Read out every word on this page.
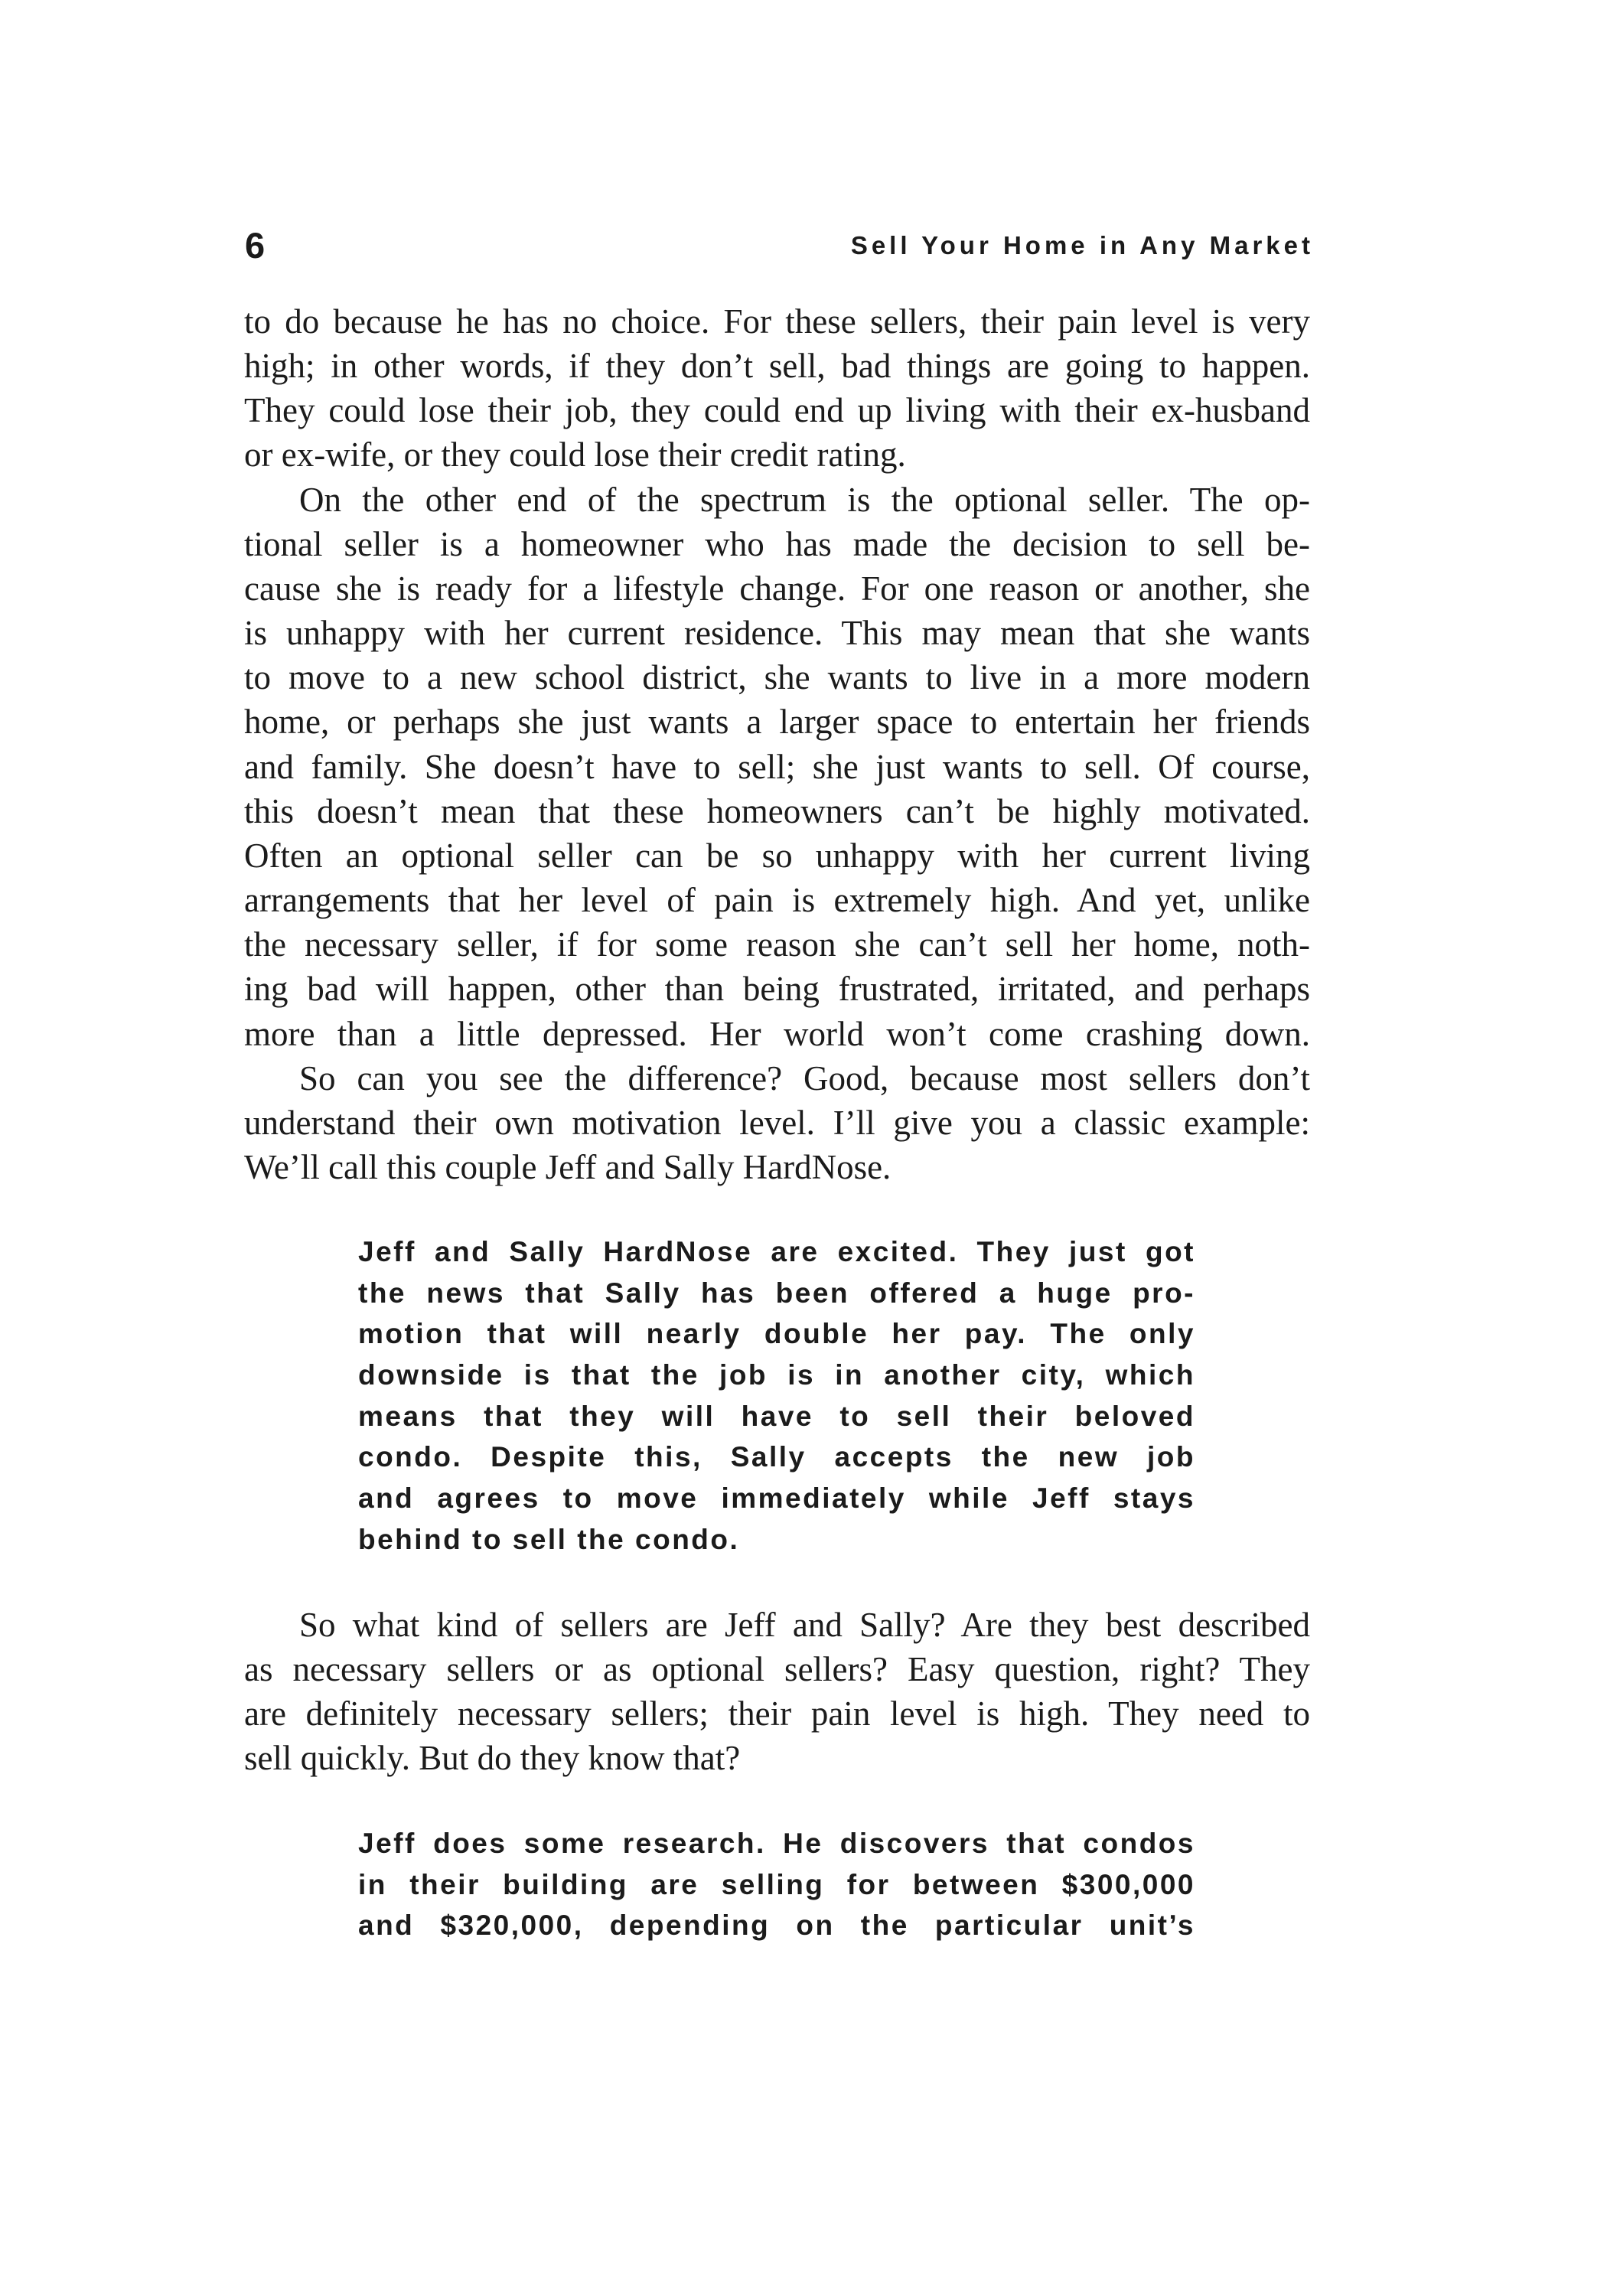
6	Sell Your Home in Any Market
to do because he has no choice. For these sellers, their pain level is very
high; in other words, if they don’t sell, bad things are going to happen.
They could lose their job, they could end up living with their ex-husband
or ex-wife, or they could lose their credit rating.
On the other end of the spectrum is the optional seller. The op-
tional seller is a homeowner who has made the decision to sell be-
cause she is ready for a lifestyle change. For one reason or another, she
is unhappy with her current residence. This may mean that she wants
to move to a new school district, she wants to live in a more modern
home, or perhaps she just wants a larger space to entertain her friends
and family. She doesn’t have to sell; she just wants to sell. Of course,
this doesn’t mean that these homeowners can’t be highly motivated.
Often an optional seller can be so unhappy with her current living
arrangements that her level of pain is extremely high. And yet, unlike
the necessary seller, if for some reason she can’t sell her home, noth-
ing bad will happen, other than being frustrated, irritated, and perhaps
more than a little depressed. Her world won’t come crashing down.
So can you see the difference? Good, because most sellers don’t
understand their own motivation level. I’ll give you a classic example:
We’ll call this couple Jeff and Sally HardNose.
Jeff and Sally HardNose are excited. They just got
the news that Sally has been offered a huge pro-
motion that will nearly double her pay. The only
downside is that the job is in another city, which
means that they will have to sell their beloved
condo. Despite this, Sally accepts the new job
and agrees to move immediately while Jeff stays
behind to sell the condo.
So what kind of sellers are Jeff and Sally? Are they best described
as necessary sellers or as optional sellers? Easy question, right? They
are definitely necessary sellers; their pain level is high. They need to
sell quickly. But do they know that?
Jeff does some research. He discovers that condos
in their building are selling for between $300,000
and $320,000, depending on the particular unit’s
